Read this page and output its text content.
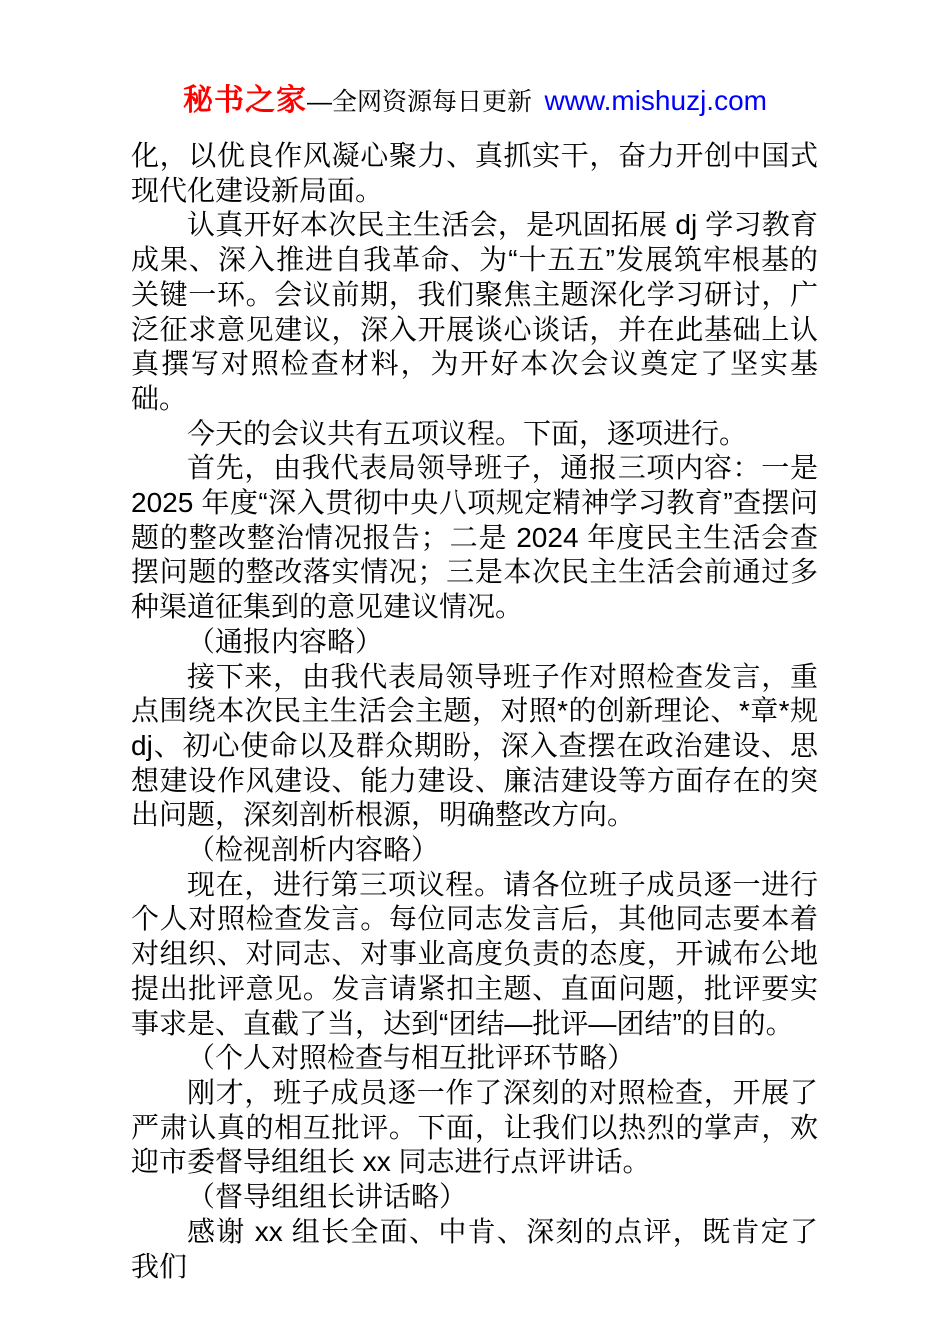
秘书之家—全网资源每日更新 www.mishuzj.com

化，以优良作风凝心聚力、真抓实干，奋力开创中国式现代化建设新局面。

认真开好本次民主生活会，是巩固拓展 dj 学习教育成果、深入推进自我革命、为“十五五”发展筑牢根基的关键一环。会议前期，我们聚焦主题深化学习研讨，广泛征求意见建议，深入开展谈心谈话，并在此基础上认真撰写对照检查材料，为开好本次会议奠定了坚实基础。

今天的会议共有五项议程。下面，逐项进行。

首先，由我代表局领导班子，通报三项内容：一是 2025 年度“深入贯彻中央八项规定精神学习教育”查摆问题的整改整治情况报告；二是 2024 年度民主生活会查摆问题的整改落实情况；三是本次民主生活会前通过多种渠道征集到的意见建议情况。

（通报内容略）

接下来，由我代表局领导班子作对照检查发言，重点围绕本次民主生活会主题，对照*的创新理论、*章*规 dj、初心使命以及群众期盼，深入查摆在政治建设、思想建设作风建设、能力建设、廉洁建设等方面存在的突出问题，深刻剖析根源，明确整改方向。

（检视剖析内容略）

现在，进行第三项议程。请各位班子成员逐一进行个人对照检查发言。每位同志发言后，其他同志要本着对组织、对同志、对事业高度负责的态度，开诚布公地提出批评意见。发言请紧扣主题、直面问题，批评要实事求是、直截了当，达到“团结—批评—团结”的目的。

（个人对照检查与相互批评环节略）

刚才，班子成员逐一作了深刻的对照检查，开展了严肃认真的相互批评。下面，让我们以热烈的掌声，欢迎市委督导组组长 xx 同志进行点评讲话。

（督导组组长讲话略）

感谢 xx 组长全面、中肯、深刻的点评，既肯定了我们
